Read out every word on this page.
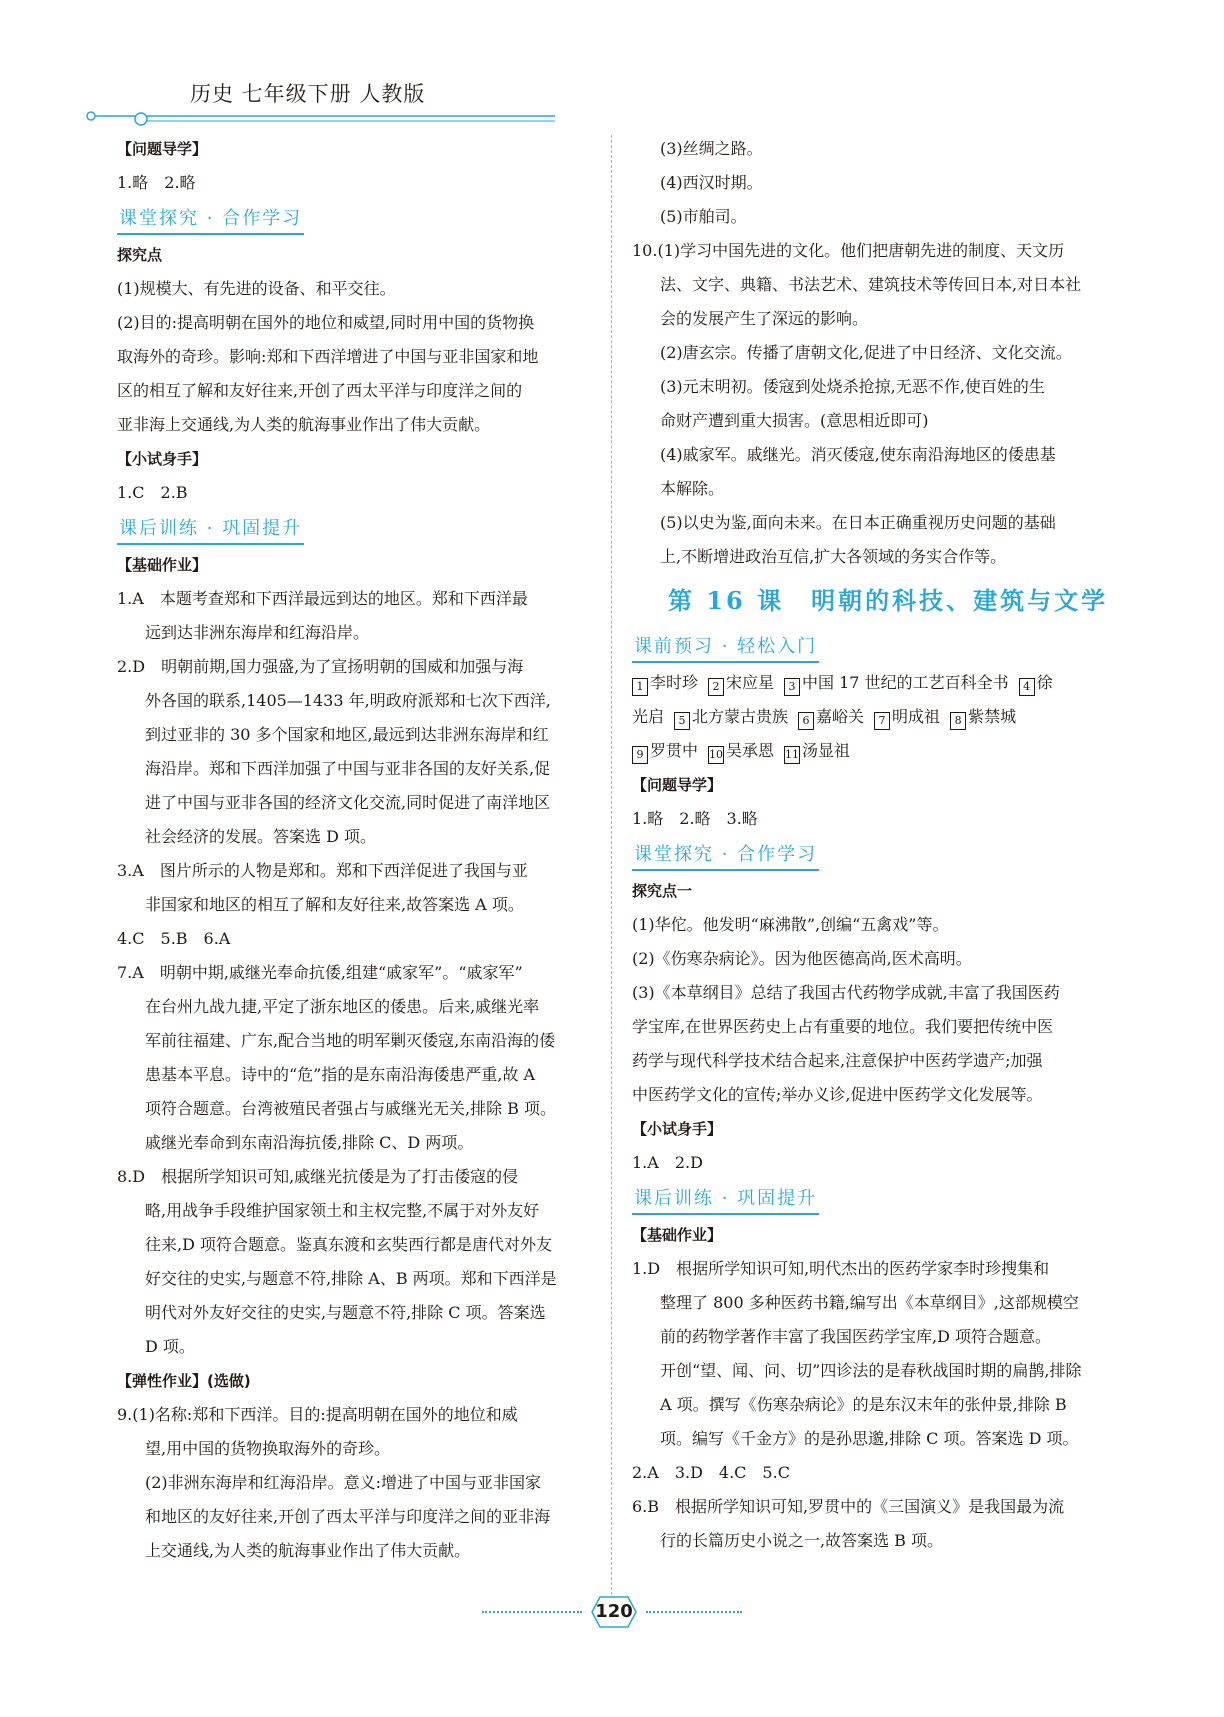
历史 七年级下册 人教版
【问题导学】
1.略　2.略
课堂探究 · 合作学习
探究点
(1)规模大、有先进的设备、和平交往。
(2)目的:提高明朝在国外的地位和威望,同时用中国的货物换
取海外的奇珍。影响:郑和下西洋增进了中国与亚非国家和地
区的相互了解和友好往来,开创了西太平洋与印度洋之间的
亚非海上交通线,为人类的航海事业作出了伟大贡献。
【小试身手】
1.C　2.B
课后训练 · 巩固提升
【基础作业】
1.A　本题考查郑和下西洋最远到达的地区。郑和下西洋最
远到达非洲东海岸和红海沿岸。
2.D　明朝前期,国力强盛,为了宣扬明朝的国威和加强与海
外各国的联系,1405—1433 年,明政府派郑和七次下西洋,
到过亚非的 30 多个国家和地区,最远到达非洲东海岸和红
海沿岸。郑和下西洋加强了中国与亚非各国的友好关系,促
进了中国与亚非各国的经济文化交流,同时促进了南洋地区
社会经济的发展。答案选 D 项。
3.A　图片所示的人物是郑和。郑和下西洋促进了我国与亚
非国家和地区的相互了解和友好往来,故答案选 A 项。
4.C　5.B　6.A
7.A　明朝中期,戚继光奉命抗倭,组建“戚家军”。“戚家军”
在台州九战九捷,平定了浙东地区的倭患。后来,戚继光率
军前往福建、广东,配合当地的明军剿灭倭寇,东南沿海的倭
患基本平息。诗中的“危”指的是东南沿海倭患严重,故 A
项符合题意。台湾被殖民者强占与戚继光无关,排除 B 项。
戚继光奉命到东南沿海抗倭,排除 C、D 两项。
8.D　根据所学知识可知,戚继光抗倭是为了打击倭寇的侵
略,用战争手段维护国家领土和主权完整,不属于对外友好
往来,D 项符合题意。鉴真东渡和玄奘西行都是唐代对外友
好交往的史实,与题意不符,排除 A、B 两项。郑和下西洋是
明代对外友好交往的史实,与题意不符,排除 C 项。答案选
D 项。
【弹性作业】(选做)
9.(1)名称:郑和下西洋。目的:提高明朝在国外的地位和威
望,用中国的货物换取海外的奇珍。
(2)非洲东海岸和红海沿岸。意义:增进了中国与亚非国家
和地区的友好往来,开创了西太平洋与印度洋之间的亚非海
上交通线,为人类的航海事业作出了伟大贡献。
(3)丝绸之路。
(4)西汉时期。
(5)市舶司。
10.(1)学习中国先进的文化。他们把唐朝先进的制度、天文历
法、文字、典籍、书法艺术、建筑技术等传回日本,对日本社
会的发展产生了深远的影响。
(2)唐玄宗。传播了唐朝文化,促进了中日经济、文化交流。
(3)元末明初。倭寇到处烧杀抢掠,无恶不作,使百姓的生
命财产遭到重大损害。(意思相近即可)
(4)戚家军。戚继光。消灭倭寇,使东南沿海地区的倭患基
本解除。
(5)以史为鉴,面向未来。在日本正确重视历史问题的基础
上,不断增进政治互信,扩大各领域的务实合作等。
第 16 课　明朝的科技、建筑与文学
课前预习 · 轻松入门
1 李时珍 2 宋应星 3 中国 17 世纪的工艺百科全书 4 徐
光启 5 北方蒙古贵族 6 嘉峪关 7 明成祖 8 紫禁城
9 罗贯中 10 吴承恩 11 汤显祖
【问题导学】
1.略　2.略　3.略
课堂探究 · 合作学习
探究点一
(1)华佗。他发明“麻沸散”,创编“五禽戏”等。
(2)《伤寒杂病论》。因为他医德高尚,医术高明。
(3)《本草纲目》总结了我国古代药物学成就,丰富了我国医药
学宝库,在世界医药史上占有重要的地位。我们要把传统中医
药学与现代科学技术结合起来,注意保护中医药学遗产;加强
中医药学文化的宣传;举办义诊,促进中医药学文化发展等。
【小试身手】
1.A　2.D
课后训练 · 巩固提升
【基础作业】
1.D　根据所学知识可知,明代杰出的医药学家李时珍搜集和
整理了 800 多种医药书籍,编写出《本草纲目》,这部规模空
前的药物学著作丰富了我国医药学宝库,D 项符合题意。
开创“望、闻、问、切”四诊法的是春秋战国时期的扁鹊,排除
A 项。撰写《伤寒杂病论》的是东汉末年的张仲景,排除 B
项。编写《千金方》的是孙思邈,排除 C 项。答案选 D 项。
2.A　3.D　4.C　5.C
6.B　根据所学知识可知,罗贯中的《三国演义》是我国最为流
行的长篇历史小说之一,故答案选 B 项。
120
